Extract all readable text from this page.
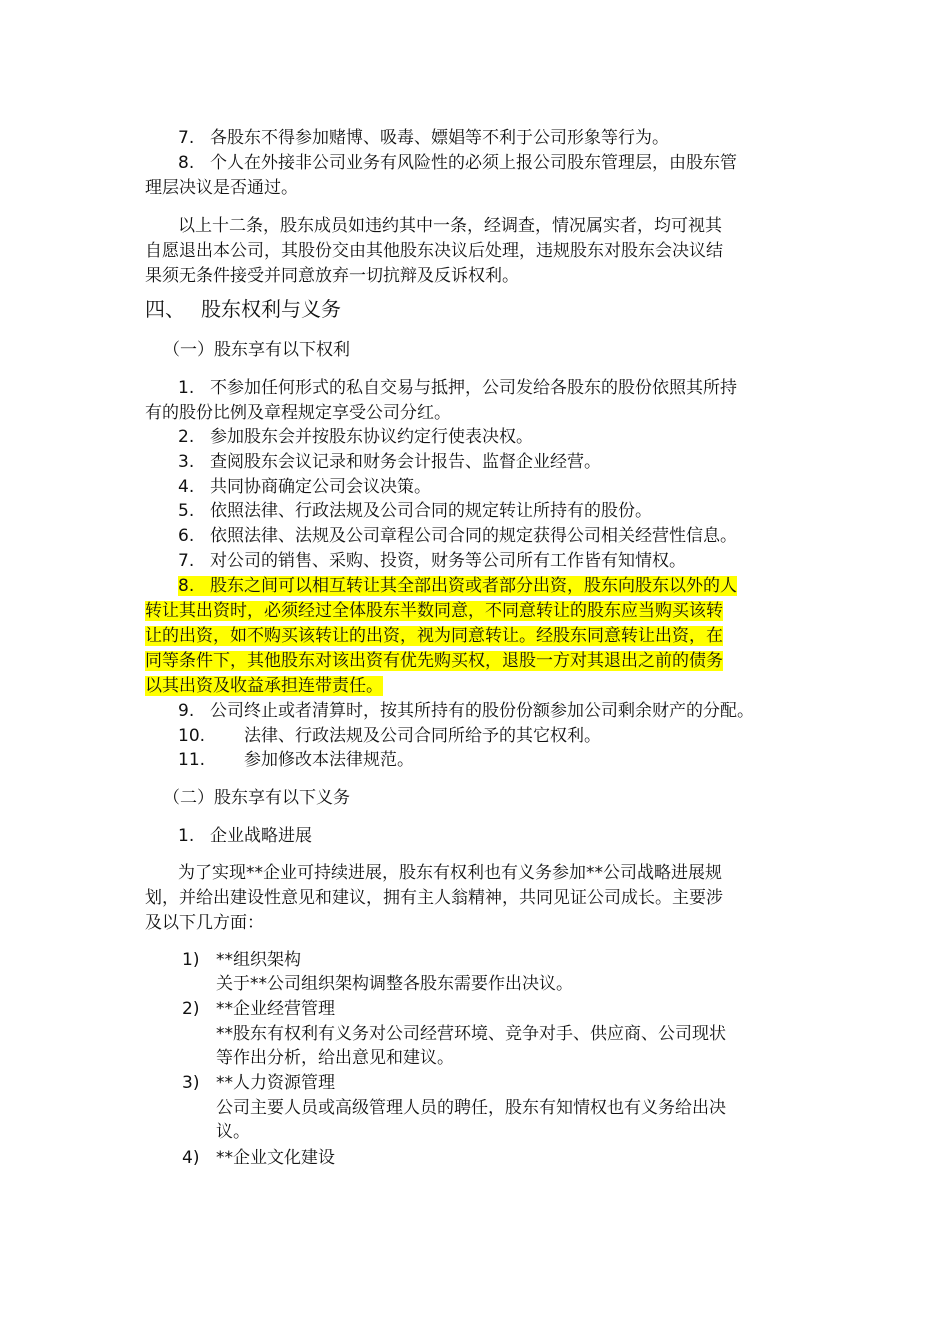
7. 各股东不得参加赌博、吸毒、嫖娼等不利于公司形象等行为。
8. 个人在外接非公司业务有风险性的必须上报公司股东管理层，由股东管
理层决议是否通过。
以上十二条，股东成员如违约其中一条，经调查，情况属实者，均可视其
自愿退出本公司，其股份交由其他股东决议后处理，违规股东对股东会决议结
果须无条件接受并同意放弃一切抗辩及反诉权利。
四、 股东权利与义务
（一）股东享有以下权利
1. 不参加任何形式的私自交易与抵押，公司发给各股东的股份依照其所持
有的股份比例及章程规定享受公司分红。
2. 参加股东会并按股东协议约定行使表决权。
3. 查阅股东会议记录和财务会计报告、监督企业经营。
4. 共同协商确定公司会议决策。
5. 依照法律、行政法规及公司合同的规定转让所持有的股份。
6. 依照法律、法规及公司章程公司合同的规定获得公司相关经营性信息。
7. 对公司的销售、采购、投资，财务等公司所有工作皆有知情权。
8. 股东之间可以相互转让其全部出资或者部分出资，股东向股东以外的人
转让其出资时，必须经过全体股东半数同意，不同意转让的股东应当购买该转
让的出资，如不购买该转让的出资，视为同意转让。经股东同意转让出资，在
同等条件下，其他股东对该出资有优先购买权，退股一方对其退出之前的债务
以其出资及收益承担连带责任。
9. 公司终止或者清算时，按其所持有的股份份额参加公司剩余财产的分配。
10. 法律、行政法规及公司合同所给予的其它权利。
11. 参加修改本法律规范。
（二）股东享有以下义务
1. 企业战略进展
为了实现**企业可持续进展，股东有权利也有义务参加**公司战略进展规
划，并给出建设性意见和建议，拥有主人翁精神，共同见证公司成长。主要涉
及以下几方面：
1) **组织架构
关于**公司组织架构调整各股东需要作出决议。
2) **企业经营管理
**股东有权利有义务对公司经营环境、竞争对手、供应商、公司现状
等作出分析，给出意见和建议。
3) **人力资源管理
公司主要人员或高级管理人员的聘任，股东有知情权也有义务给出决
议。
4) **企业文化建设
